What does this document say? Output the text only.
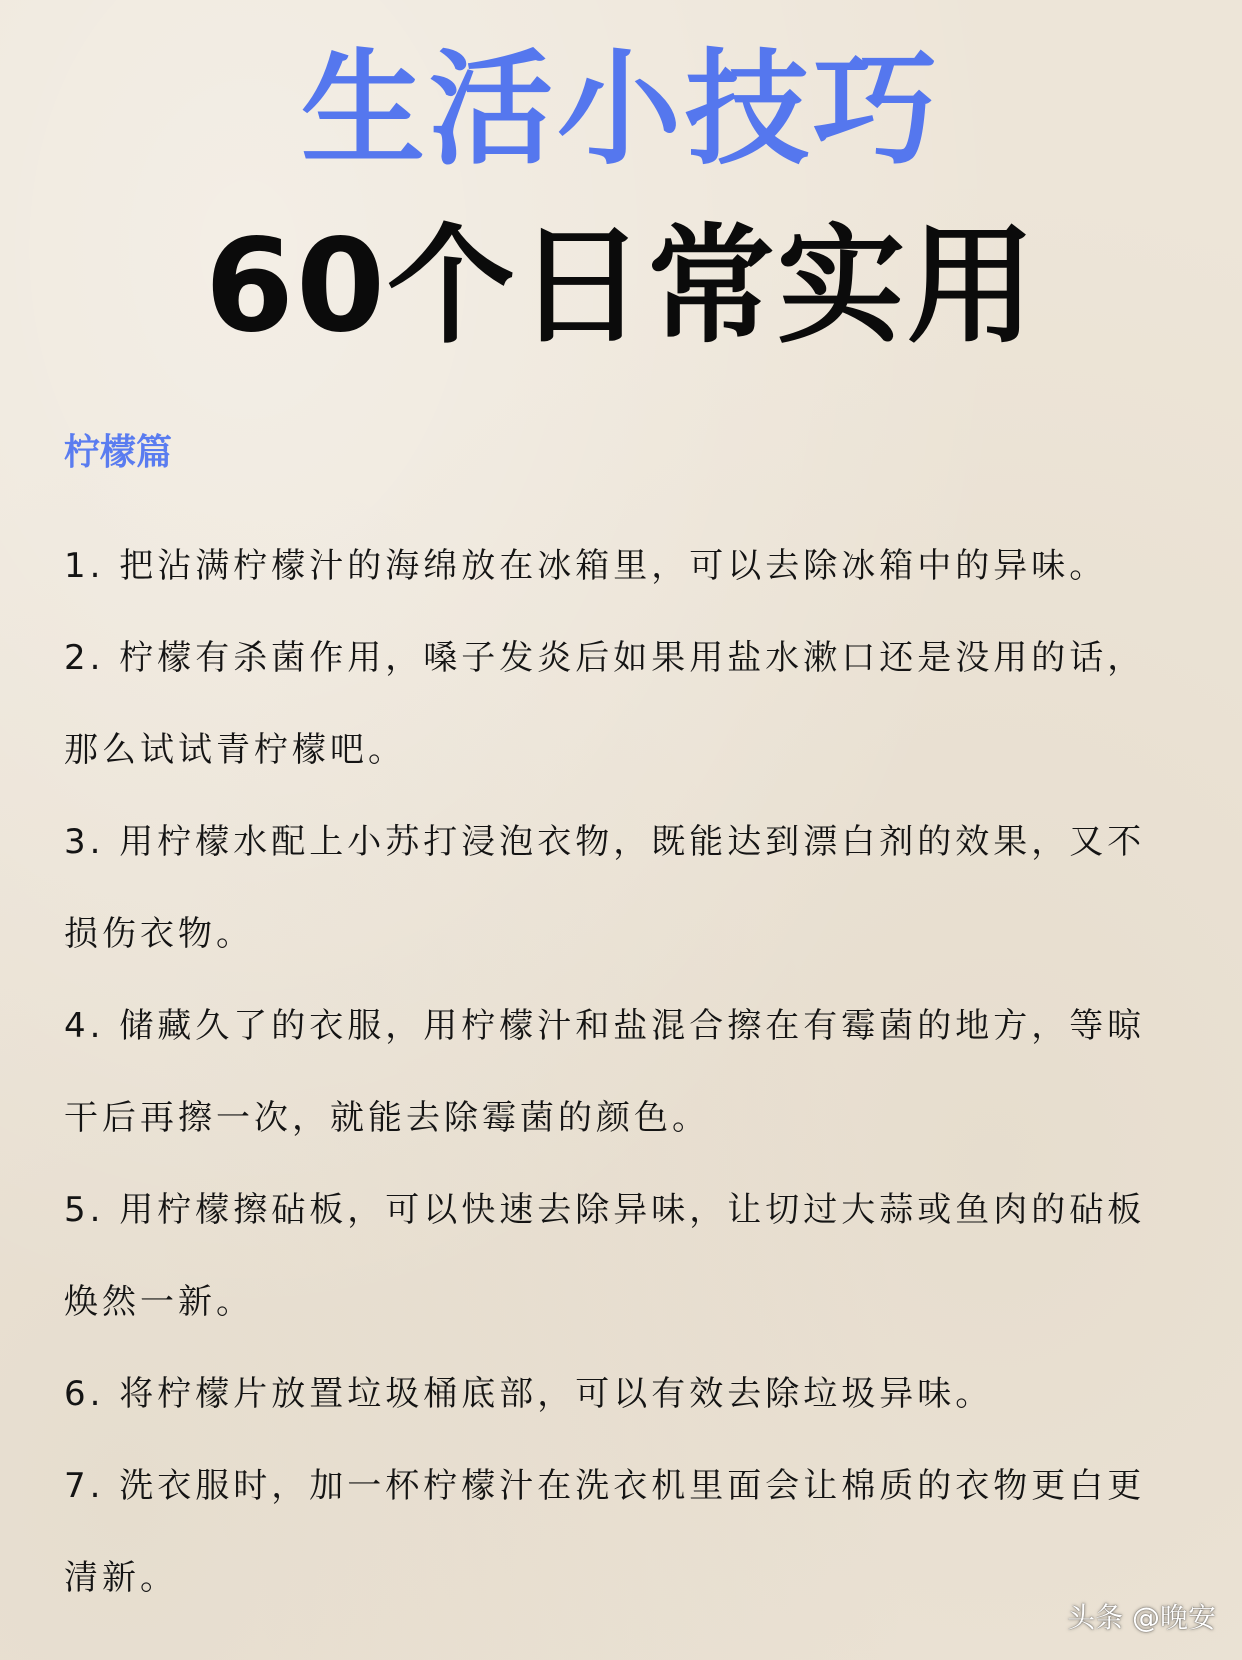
生活小技巧
60个日常实用
柠檬篇
1. 把沾满柠檬汁的海绵放在冰箱里，可以去除冰箱中的异味。
2. 柠檬有杀菌作用，嗓子发炎后如果用盐水漱口还是没用的话，
那么试试青柠檬吧。
3. 用柠檬水配上小苏打浸泡衣物，既能达到漂白剂的效果，又不
损伤衣物。
4. 储藏久了的衣服，用柠檬汁和盐混合擦在有霉菌的地方，等晾
干后再擦一次，就能去除霉菌的颜色。
5. 用柠檬擦砧板，可以快速去除异味，让切过大蒜或鱼肉的砧板
焕然一新。
6. 将柠檬片放置垃圾桶底部，可以有效去除垃圾异味。
7. 洗衣服时，加一杯柠檬汁在洗衣机里面会让棉质的衣物更白更
清新。
头条 @晚安
